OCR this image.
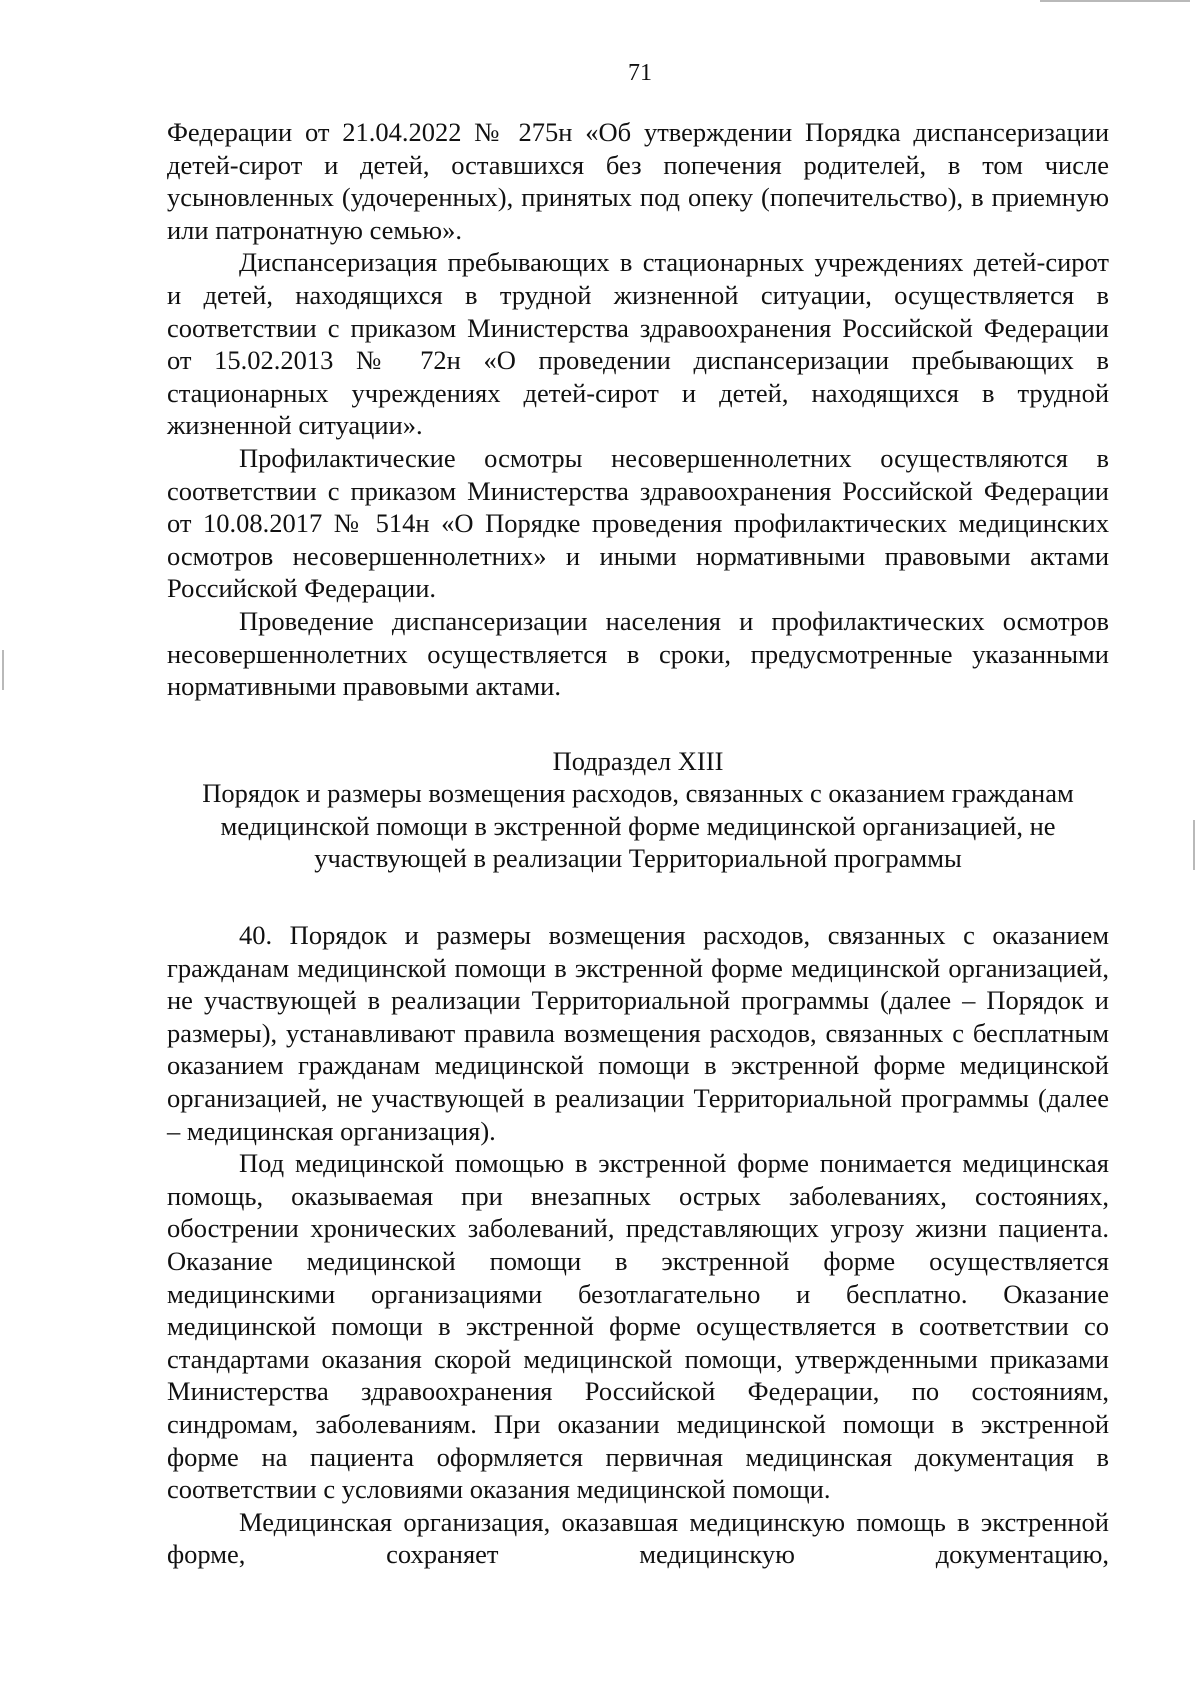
71

Федерации от 21.04.2022 № 275н «Об утверждении Порядка диспансеризации детей-сирот и детей, оставшихся без попечения родителей, в том числе усыновленных (удочеренных), принятых под опеку (попечительство), в приемную или патронатную семью».

Диспансеризация пребывающих в стационарных учреждениях детей-сирот и детей, находящихся в трудной жизненной ситуации, осуществляется в соответствии с приказом Министерства здравоохранения Российской Федерации от 15.02.2013 № 72н «О проведении диспансеризации пребывающих в стационарных учреждениях детей-сирот и детей, находящихся в трудной жизненной ситуации».

Профилактические осмотры несовершеннолетних осуществляются в соответствии с приказом Министерства здравоохранения Российской Федерации от 10.08.2017 № 514н «О Порядке проведения профилактических медицинских осмотров несовершеннолетних» и иными нормативными правовыми актами Российской Федерации.

Проведение диспансеризации населения и профилактических осмотров несовершеннолетних осуществляется в сроки, предусмотренные указанными нормативными правовыми актами.

Подраздел XIII

Порядок и размеры возмещения расходов, связанных с оказанием гражданам медицинской помощи в экстренной форме медицинской организацией, не участвующей в реализации Территориальной программы

40. Порядок и размеры возмещения расходов, связанных с оказанием гражданам медицинской помощи в экстренной форме медицинской организацией, не участвующей в реализации Территориальной программы (далее – Порядок и размеры), устанавливают правила возмещения расходов, связанных с бесплатным оказанием гражданам медицинской помощи в экстренной форме медицинской организацией, не участвующей в реализации Территориальной программы (далее – медицинская организация).

Под медицинской помощью в экстренной форме понимается медицинская помощь, оказываемая при внезапных острых заболеваниях, состояниях, обострении хронических заболеваний, представляющих угрозу жизни пациента. Оказание медицинской помощи в экстренной форме осуществляется медицинскими организациями безотлагательно и бесплатно. Оказание медицинской помощи в экстренной форме осуществляется в соответствии со стандартами оказания скорой медицинской помощи, утвержденными приказами Министерства здравоохранения Российской Федерации, по состояниям, синдромам, заболеваниям. При оказании медицинской помощи в экстренной форме на пациента оформляется первичная медицинская документация в соответствии с условиями оказания медицинской помощи.

Медицинская организация, оказавшая медицинскую помощь в экстренной форме, сохраняет медицинскую документацию,
